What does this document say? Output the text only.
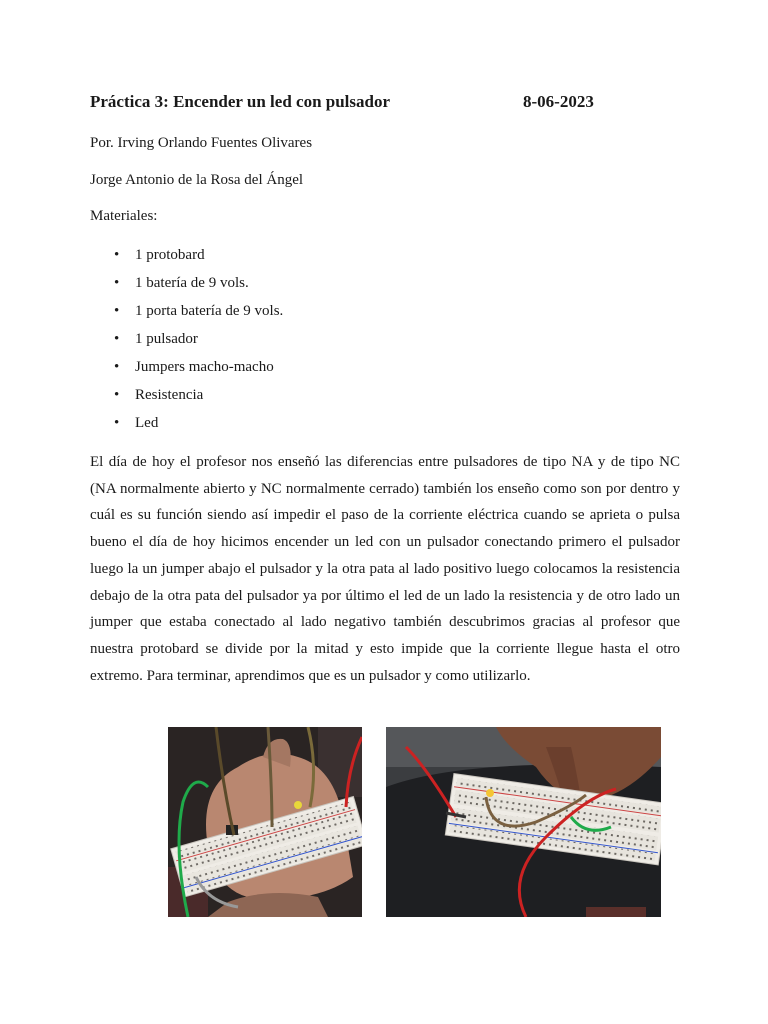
Práctica 3: Encender un led con pulsador	8-06-2023
Por. Irving Orlando Fuentes Olivares
Jorge Antonio de la Rosa del Ángel
Materiales:
• 1 protobard
• 1 batería de 9 vols.
• 1 porta batería de 9 vols.
• 1 pulsador
• Jumpers macho-macho
• Resistencia
• Led

El día de hoy el profesor nos enseñó las diferencias entre pulsadores de tipo NA y de tipo NC (NA normalmente abierto y NC normalmente cerrado) también los enseño como son por dentro y cuál es su función siendo así impedir el paso de la corriente eléctrica cuando se aprieta o pulsa bueno el día de hoy hicimos encender un led con un pulsador conectando primero el pulsador luego la un jumper abajo el pulsador y la otra pata al lado positivo luego colocamos la resistencia debajo de la otra pata del pulsador ya por último el led de un lado la resistencia y de otro lado un jumper que estaba conectado al lado negativo también descubrimos gracias al profesor que nuestra protobard se divide por la mitad y esto impide que la corriente llegue hasta el otro extremo. Para terminar, aprendimos que es un pulsador y como utilizarlo.
